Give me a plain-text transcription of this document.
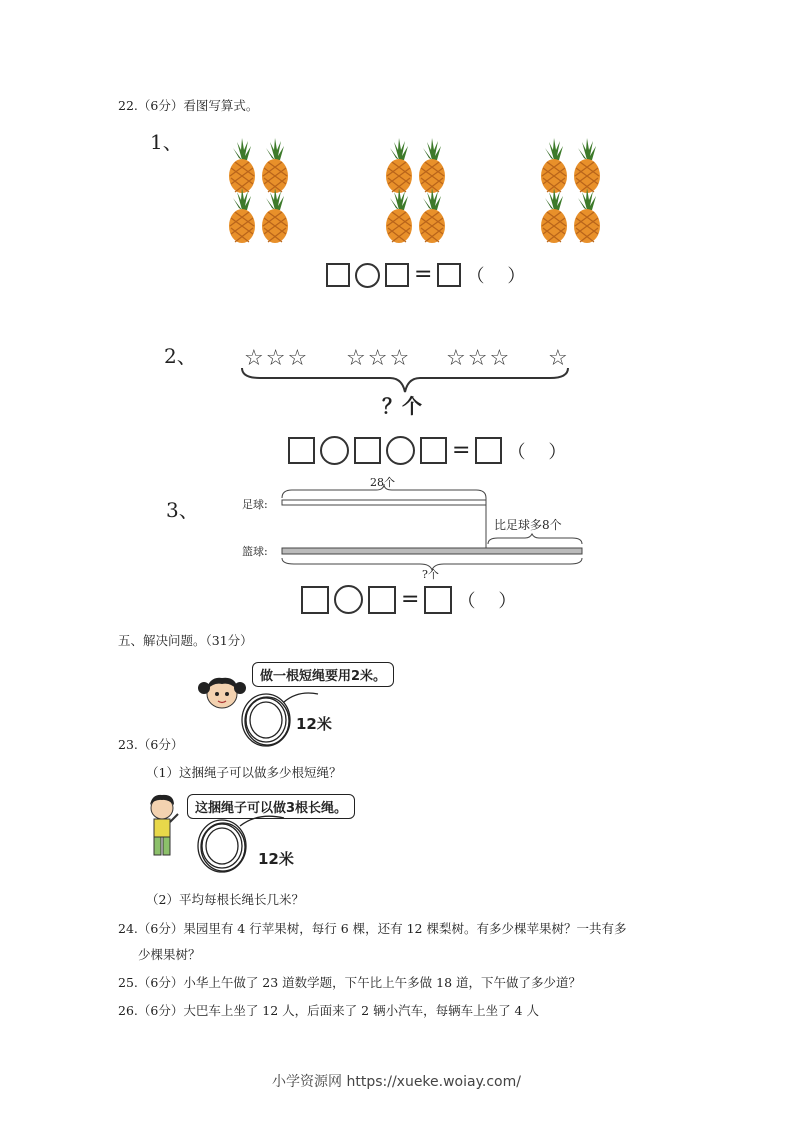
22.（6分）看图写算式。
1、
= （    ）
2、 ☆☆☆ ☆☆☆ ☆☆☆ ☆
？个
= （    ）
3、	足球:
篮球:
28个
比足球多8个
?个
= （    ）
五、解决问题。（31分）
做一根短绳要用2米。
12米
23.（6分）
（1）这捆绳子可以做多少根短绳？
这捆绳子可以做3根长绳。
12米
（2）平均每根长绳长几米？
24.（6分）果园里有 4 行苹果树，每行 6 棵，还有 12 棵梨树。有多少棵苹果树？一共有多
少棵果树？
25.（6分）小华上午做了 23 道数学题，下午比上午多做 18 道，下午做了多少道？
26.（6分）大巴车上坐了 12 人，后面来了 2 辆小汽车，每辆车上坐了 4 人
小学资源网 https://xueke.woiay.com/
